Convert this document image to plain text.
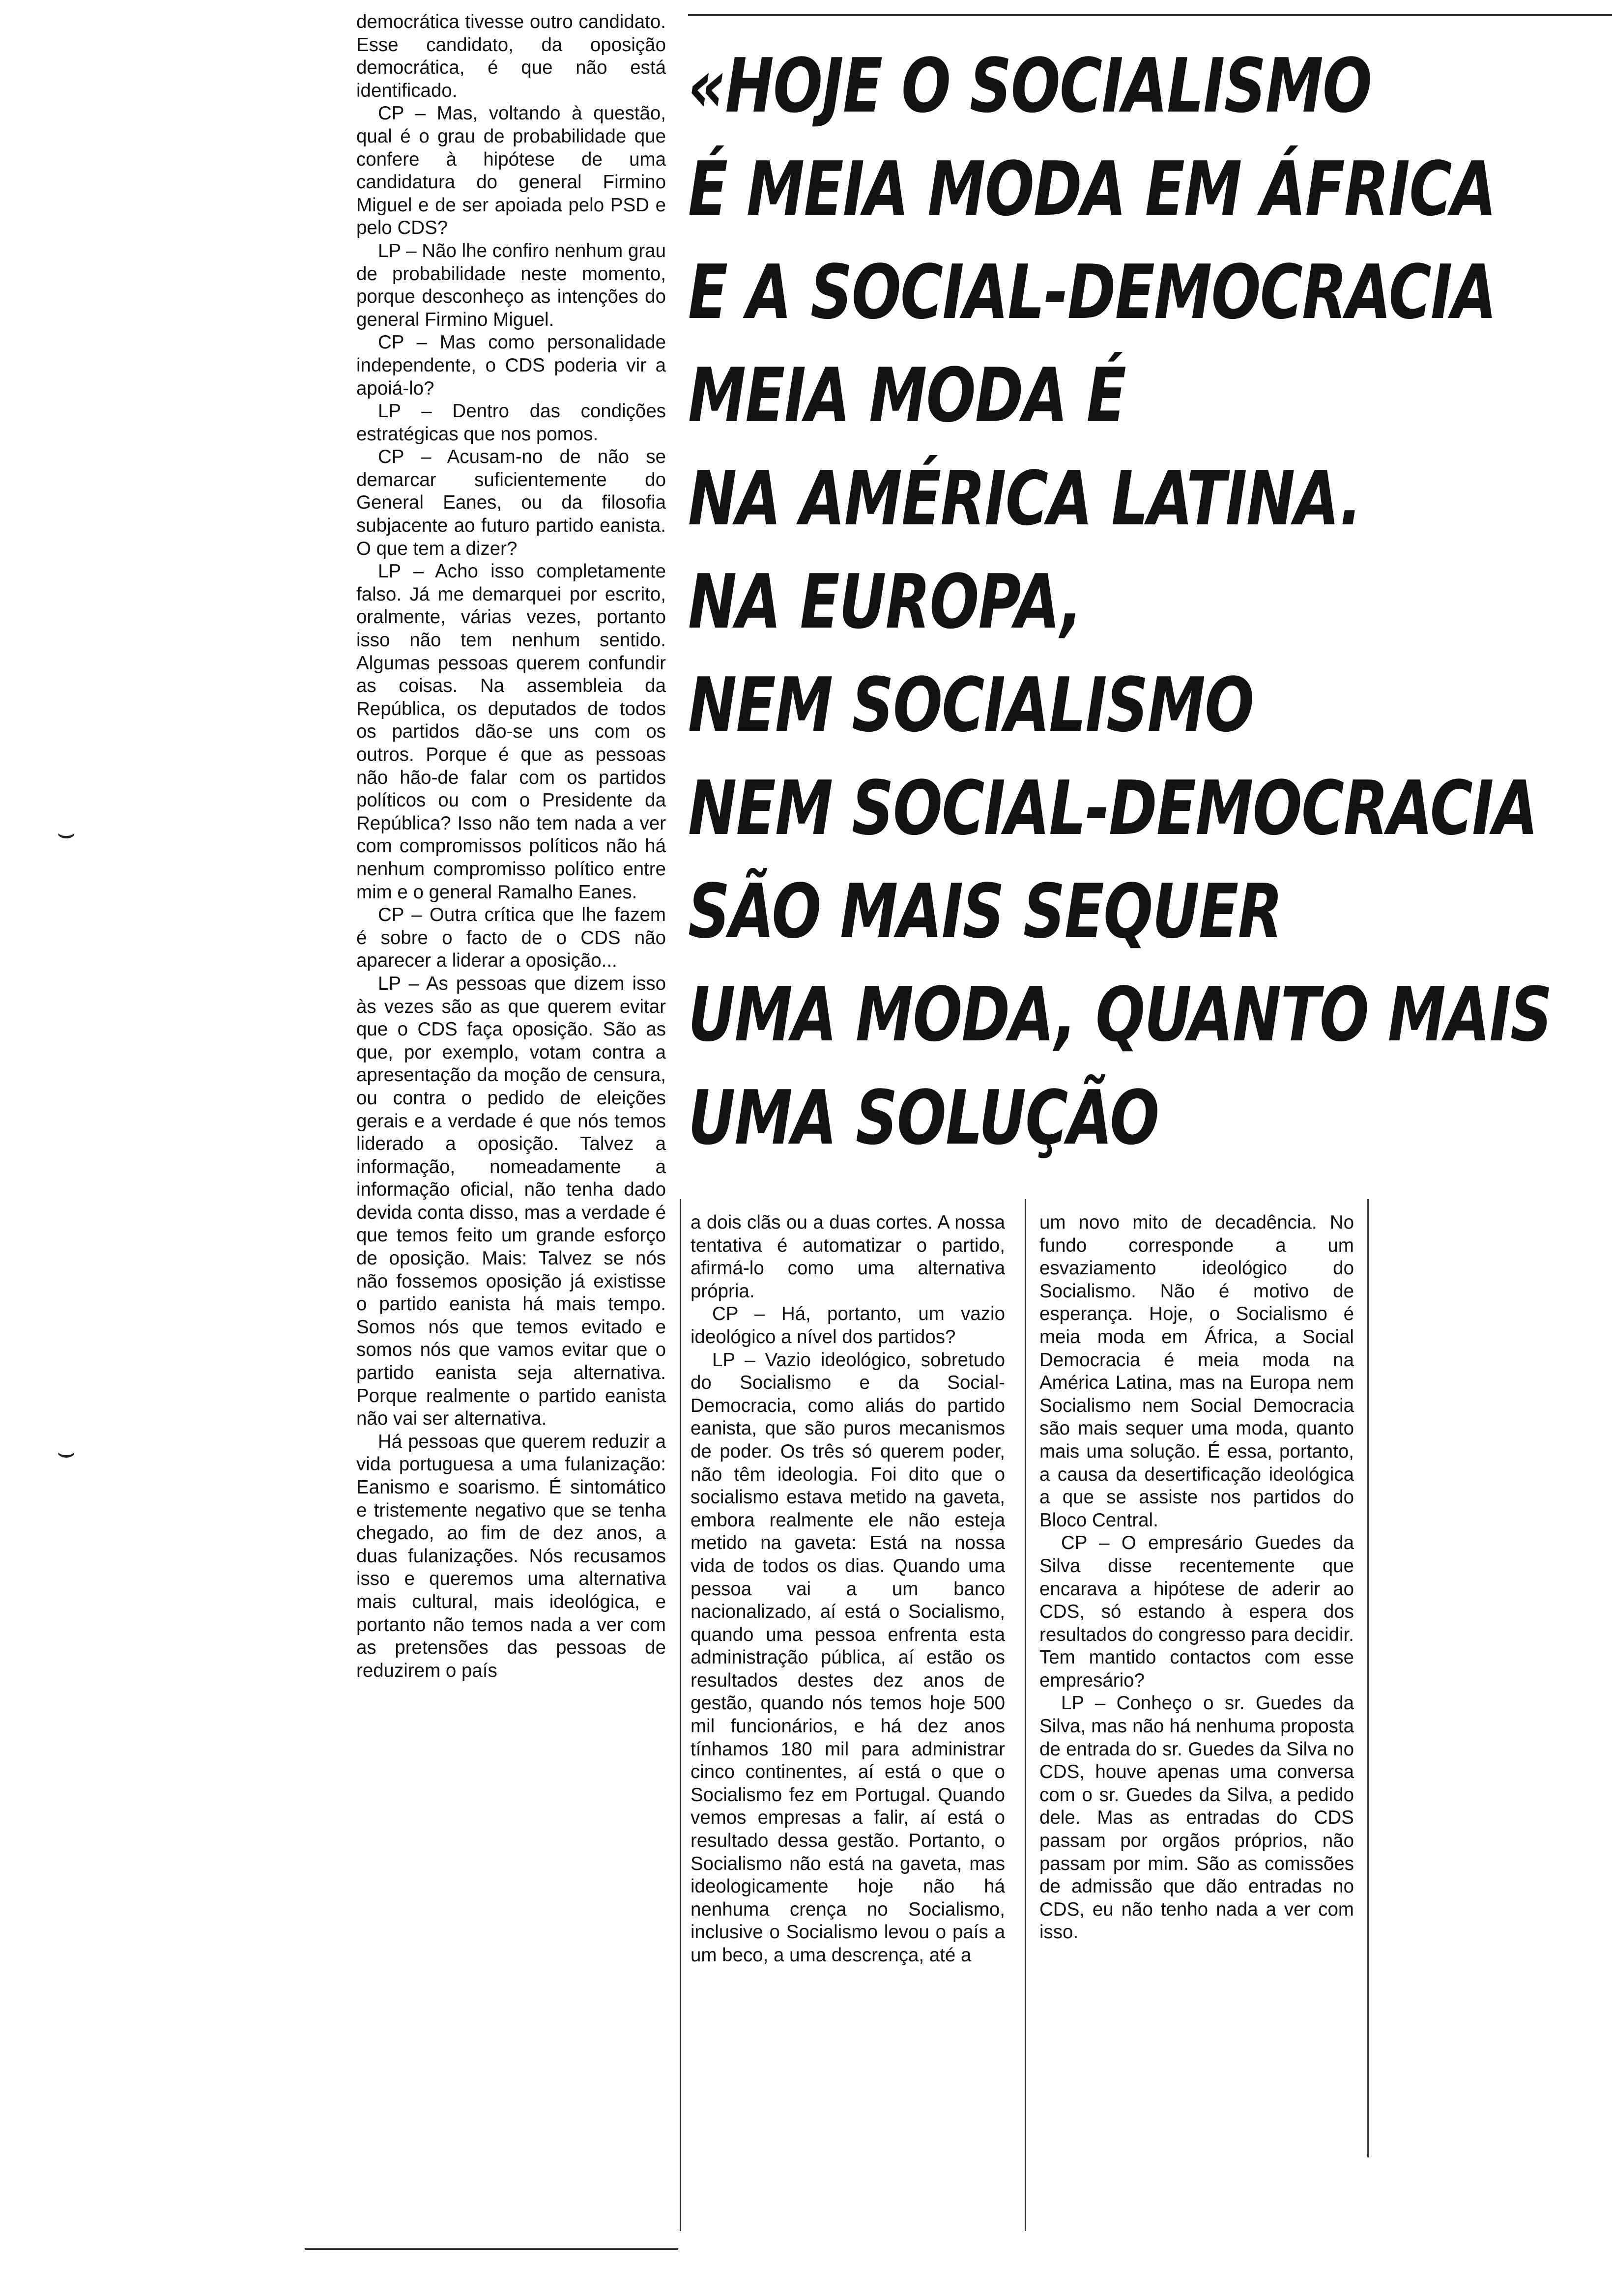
«HOJE O SOCIALISMO
É MEIA MODA EM ÁFRICA
E A SOCIAL-DEMOCRACIA
MEIA MODA É
NA AMÉRICA LATINA.
NA EUROPA,
NEM SOCIALISMO
NEM SOCIAL-DEMOCRACIA
SÃO MAIS SEQUER
UMA MODA, QUANTO MAIS
UMA SOLUÇÃO

democrática tivesse outro candidato. Esse candidato, da oposição democrática, é que não está identificado.

CP – Mas, voltando à questão, qual é o grau de probabilidade que confere à hipótese de uma candidatura do general Firmino Miguel e de ser apoiada pelo PSD e pelo CDS?

LP – Não lhe confiro nenhum grau de probabilidade neste momento, porque desconheço as intenções do general Firmino Miguel.

CP – Mas como personalidade independente, o CDS poderia vir a apoiá-lo?

LP – Dentro das condições estratégicas que nos pomos.

CP – Acusam-no de não se demarcar suficientemente do General Eanes, ou da filosofia subjacente ao futuro partido eanista. O que tem a dizer?

LP – Acho isso completamente falso. Já me demarquei por escrito, oralmente, várias vezes, portanto isso não tem nenhum sentido. Algumas pessoas querem confundir as coisas. Na assembleia da República, os deputados de todos os partidos dão-se uns com os outros. Porque é que as pessoas não hão-de falar com os partidos políticos ou com o Presidente da República? Isso não tem nada a ver com compromissos políticos não há nenhum compromisso político entre mim e o general Ramalho Eanes.

CP – Outra crítica que lhe fazem é sobre o facto de o CDS não aparecer a liderar a oposição...

LP – As pessoas que dizem isso às vezes são as que querem evitar que o CDS faça oposição. São as que, por exemplo, votam contra a apresentação da moção de censura, ou contra o pedido de eleições gerais e a verdade é que nós temos liderado a oposição. Talvez a informação, nomeadamente a informação oficial, não tenha dado devida conta disso, mas a verdade é que temos feito um grande esforço de oposição. Mais: Talvez se nós não fossemos oposição já existisse o partido eanista há mais tempo. Somos nós que temos evitado e somos nós que vamos evitar que o partido eanista seja alternativa. Porque realmente o partido eanista não vai ser alternativa.

Há pessoas que querem reduzir a vida portuguesa a uma fulanização: Eanismo e soarismo. É sintomático e tristemente negativo que se tenha chegado, ao fim de dez anos, a duas fulanizações. Nós recusamos isso e queremos uma alternativa mais cultural, mais ideológica, e portanto não temos nada a ver com as pretensões das pessoas de reduzirem o país

a dois clãs ou a duas cortes. A nossa tentativa é automatizar o partido, afirmá-lo como uma alternativa própria.

CP – Há, portanto, um vazio ideológico a nível dos partidos?

LP – Vazio ideológico, sobretudo do Socialismo e da Social-Democracia, como aliás do partido eanista, que são puros mecanismos de poder. Os três só querem poder, não têm ideologia. Foi dito que o socialismo estava metido na gaveta, embora realmente ele não esteja metido na gaveta: Está na nossa vida de todos os dias. Quando uma pessoa vai a um banco nacionalizado, aí está o Socialismo, quando uma pessoa enfrenta esta administração pública, aí estão os resultados destes dez anos de gestão, quando nós temos hoje 500 mil funcionários, e há dez anos tínhamos 180 mil para administrar cinco continentes, aí está o que o Socialismo fez em Portugal. Quando vemos empresas a falir, aí está o resultado dessa gestão. Portanto, o Socialismo não está na gaveta, mas ideologicamente hoje não há nenhuma crença no Socialismo, inclusive o Socialismo levou o país a um beco, a uma descrença, até a

um novo mito de decadência. No fundo corresponde a um esvaziamento ideológico do Socialismo. Não é motivo de esperança. Hoje, o Socialismo é meia moda em África, a Social Democracia é meia moda na América Latina, mas na Europa nem Socialismo nem Social Democracia são mais sequer uma moda, quanto mais uma solução. É essa, portanto, a causa da desertificação ideológica a que se assiste nos partidos do Bloco Central.

CP – O empresário Guedes da Silva disse recentemente que encarava a hipótese de aderir ao CDS, só estando à espera dos resultados do congresso para decidir. Tem mantido contactos com esse empresário?

LP – Conheço o sr. Guedes da Silva, mas não há nenhuma proposta de entrada do sr. Guedes da Silva no CDS, houve apenas uma conversa com o sr. Guedes da Silva, a pedido dele. Mas as entradas do CDS passam por orgãos próprios, não passam por mim. São as comissões de admissão que dão entradas no CDS, eu não tenho nada a ver com isso.

⌣
⌣
